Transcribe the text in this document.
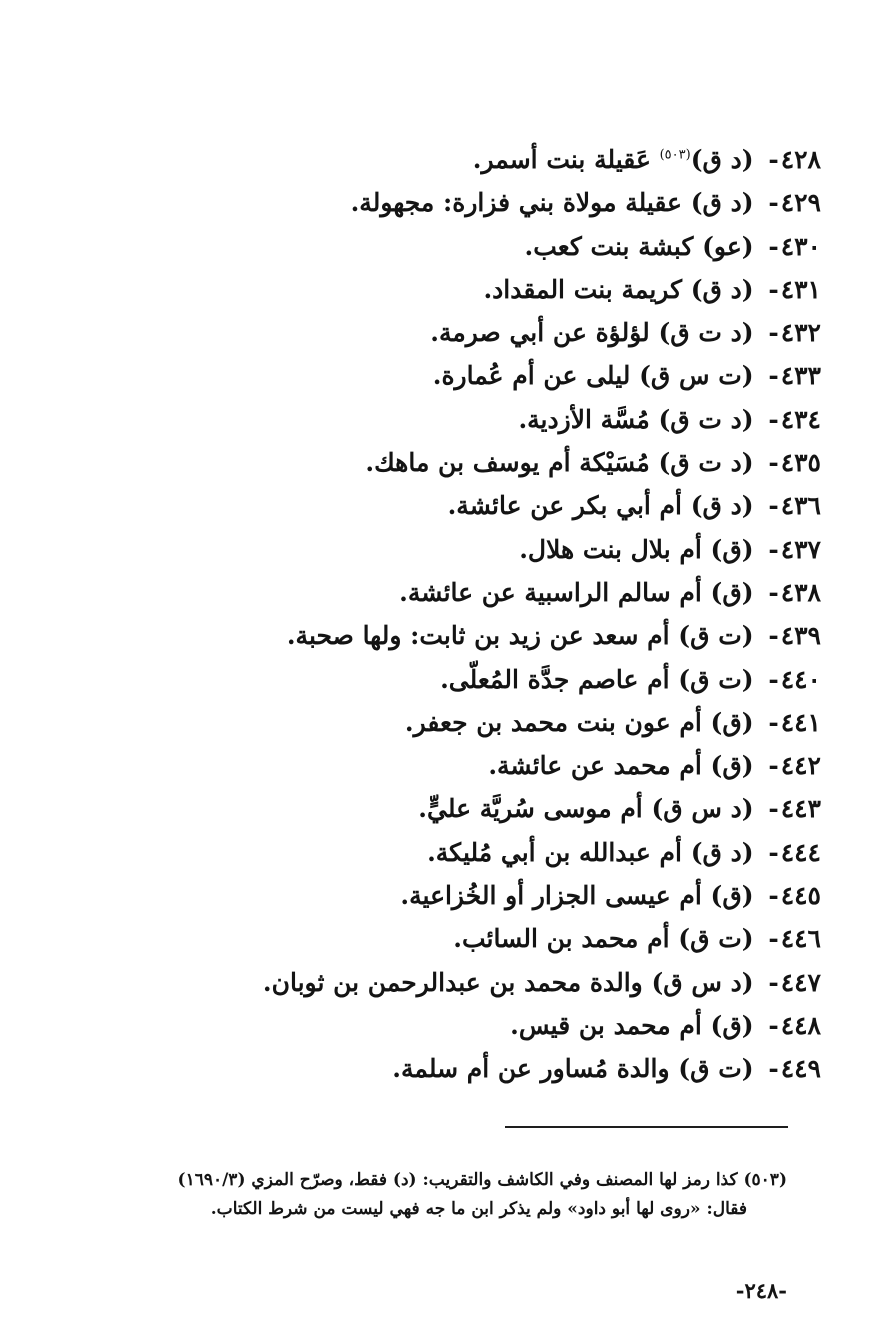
٤٢٨- (د ق)$^{(٥٠٣)}$ عَقيلة بنت أسمر.
٤٢٩- (د ق) عقيلة مولاة بني فزارة: مجهولة.
٤٣٠- (عو) كبشة بنت كعب.
٤٣١- (د ق) كريمة بنت المقداد.
٤٣٢- (د ت ق) لؤلؤة عن أبي صرمة.
٤٣٣- (ت س ق) ليلى عن أم عُمارة.
٤٣٤- (د ت ق) مُسَّة الأزدية.
٤٣٥- (د ت ق) مُسَيْكة أم يوسف بن ماهك.
٤٣٦- (د ق) أم أبي بكر عن عائشة.
٤٣٧- (ق) أم بلال بنت هلال.
٤٣٨- (ق) أم سالم الراسبية عن عائشة.
٤٣٩- (ت ق) أم سعد عن زيد بن ثابت: ولها صحبة.
٤٤٠- (ت ق) أم عاصم جدَّة المُعلّى.
٤٤١- (ق) أم عون بنت محمد بن جعفر.
٤٤٢- (ق) أم محمد عن عائشة.
٤٤٣- (د س ق) أم موسى سُريَّة عليٍّ.
٤٤٤- (د ق) أم عبدالله بن أبي مُليكة.
٤٤٥- (ق) أم عيسى الجزار أو الخُزاعية.
٤٤٦- (ت ق) أم محمد بن السائب.
٤٤٧- (د س ق) والدة محمد بن عبدالرحمن بن ثوبان.
٤٤٨- (ق) أم محمد بن قيس.
٤٤٩- (ت ق) والدة مُساور عن أم سلمة.
(٥٠٣) كذا رمز لها المصنف وفي الكاشف والتقريب: (د) فقط، وصرّح المزي (١٦٩٠/٣)
فقال: «روى لها أبو داود» ولم يذكر ابن ما جه فهي ليست من شرط الكتاب.
-٢٤٨-
